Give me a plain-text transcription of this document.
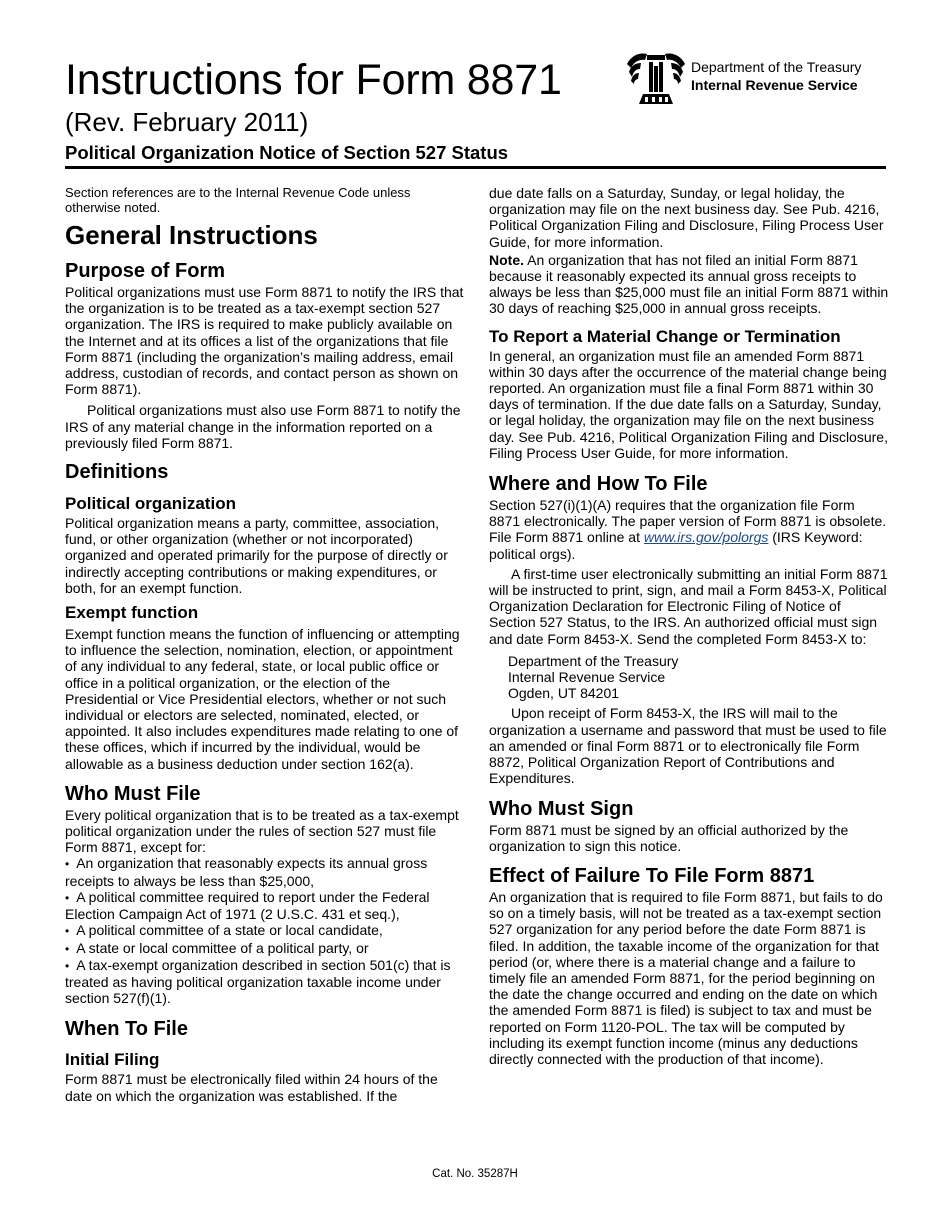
Instructions for Form 8871
(Rev. February 2011)
Political Organization Notice of Section 527 Status
Department of the Treasury
Internal Revenue Service

Section references are to the Internal Revenue Code unless otherwise noted.

General Instructions
Purpose of Form

Political organizations must use Form 8871 to notify the IRS that the organization is to be treated as a tax-exempt section 527 organization. The IRS is required to make publicly available on the Internet and at its offices a list of the organizations that file Form 8871 (including the organization’s mailing address, email address, custodian of records, and contact person as shown on Form 8871).

Political organizations must also use Form 8871 to notify the IRS of any material change in the information reported on a previously filed Form 8871.

Definitions
Political organization

Political organization means a party, committee, association, fund, or other organization (whether or not incorporated) organized and operated primarily for the purpose of directly or indirectly accepting contributions or making expenditures, or both, for an exempt function.

Exempt function

Exempt function means the function of influencing or attempting to influence the selection, nomination, election, or appointment of any individual to any federal, state, or local public office or office in a political organization, or the election of the Presidential or Vice Presidential electors, whether or not such individual or electors are selected, nominated, elected, or appointed. It also includes expenditures made relating to one of these offices, which if incurred by the individual, would be allowable as a business deduction under section 162(a).

Who Must File

Every political organization that is to be treated as a tax-exempt political organization under the rules of section 527 must file Form 8871, except for:

• An organization that reasonably expects its annual gross receipts to always be less than $25,000,

• A political committee required to report under the Federal Election Campaign Act of 1971 (2 U.S.C. 431 et seq.),

• A political committee of a state or local candidate,

• A state or local committee of a political party, or

• A tax-exempt organization described in section 501(c) that is treated as having political organization taxable income under section 527(f)(1).

When To File
Initial Filing

Form 8871 must be electronically filed within 24 hours of the date on which the organization was established. If the

due date falls on a Saturday, Sunday, or legal holiday, the organization may file on the next business day. See Pub. 4216, Political Organization Filing and Disclosure, Filing Process User Guide, for more information.

Note. An organization that has not filed an initial Form 8871 because it reasonably expected its annual gross receipts to always be less than $25,000 must file an initial Form 8871 within 30 days of reaching $25,000 in annual gross receipts.

To Report a Material Change or Termination

In general, an organization must file an amended Form 8871 within 30 days after the occurrence of the material change being reported. An organization must file a final Form 8871 within 30 days of termination. If the due date falls on a Saturday, Sunday, or legal holiday, the organization may file on the next business day. See Pub. 4216, Political Organization Filing and Disclosure, Filing Process User Guide, for more information.

Where and How To File

Section 527(i)(1)(A) requires that the organization file Form 8871 electronically. The paper version of Form 8871 is obsolete. File Form 8871 online at www.irs.gov/polorgs (IRS Keyword: political orgs).

A first-time user electronically submitting an initial Form 8871 will be instructed to print, sign, and mail a Form 8453-X, Political Organization Declaration for Electronic Filing of Notice of Section 527 Status, to the IRS. An authorized official must sign and date Form 8453-X. Send the completed Form 8453-X to:

Department of the Treasury

Internal Revenue Service

Ogden, UT 84201

Upon receipt of Form 8453-X, the IRS will mail to the organization a username and password that must be used to file an amended or final Form 8871 or to electronically file Form 8872, Political Organization Report of Contributions and Expenditures.

Who Must Sign

Form 8871 must be signed by an official authorized by the organization to sign this notice.

Effect of Failure To File Form 8871

An organization that is required to file Form 8871, but fails to do so on a timely basis, will not be treated as a tax-exempt section 527 organization for any period before the date Form 8871 is filed. In addition, the taxable income of the organization for that period (or, where there is a material change and a failure to timely file an amended Form 8871, for the period beginning on the date the change occurred and ending on the date on which the amended Form 8871 is filed) is subject to tax and must be reported on Form 1120-POL. The tax will be computed by including its exempt function income (minus any deductions directly connected with the production of that income).

Cat. No. 35287H
